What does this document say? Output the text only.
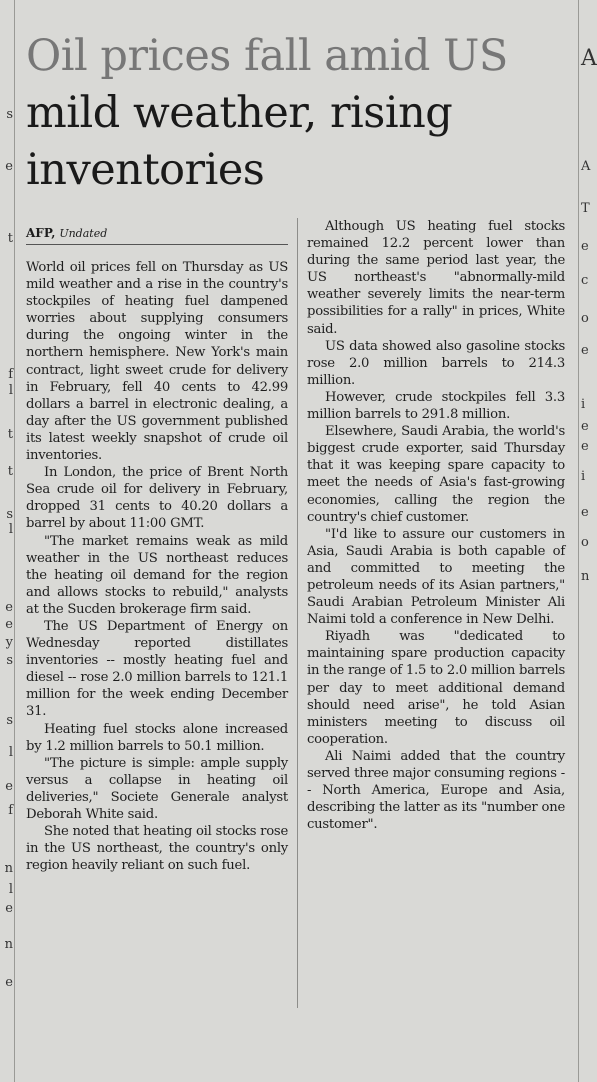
s
e
t
f
l
t
t
s
l
e
e
y
s
s
l
e
f
n
l
e
n
e
A
A
T
e
c
o
e
i
e
e
i
e
o
n
Oil prices fall amid US
mild weather, rising
inventories
AFP, Undated

World oil prices fell on Thursday as US mild weather and a rise in the country's stockpiles of heating fuel dampened worries about supplying consumers during the ongoing winter in the northern hemisphere. New York's main contract, light sweet crude for delivery in February, fell 40 cents to 42.99 dollars a barrel in electronic dealing, a day after the US government published its latest weekly snapshot of crude oil inventories.

In London, the price of Brent North Sea crude oil for delivery in February, dropped 31 cents to 40.20 dollars a barrel by about 11:00 GMT.

"The market remains weak as mild weather in the US northeast reduces the heating oil demand for the region and allows stocks to rebuild," analysts at the Sucden brokerage firm said.

The US Department of Energy on Wednesday reported distillates inventories -- mostly heating fuel and diesel -- rose 2.0 million barrels to 121.1 million for the week ending December 31.

Heating fuel stocks alone increased by 1.2 million barrels to 50.1 million.

"The picture is simple: ample supply versus a collapse in heating oil deliveries," Societe Generale analyst Deborah White said.

She noted that heating oil stocks rose in the US northeast, the country's only region heavily reliant on such fuel.

Although US heating fuel stocks remained 12.2 percent lower than during the same period last year, the US northeast's "abnormally-mild weather severely limits the near-term possibilities for a rally" in prices, White said.

US data showed also gasoline stocks rose 2.0 million barrels to 214.3 million.

However, crude stockpiles fell 3.3 million barrels to 291.8 million.

Elsewhere, Saudi Arabia, the world's biggest crude exporter, said Thursday that it was keeping spare capacity to meet the needs of Asia's fast-growing economies, calling the region the country's chief customer.

"I'd like to assure our customers in Asia, Saudi Arabia is both capable of and committed to meeting the petroleum needs of its Asian partners," Saudi Arabian Petroleum Minister Ali Naimi told a conference in New Delhi.

Riyadh was "dedicated to maintaining spare production capacity in the range of 1.5 to 2.0 million barrels per day to meet additional demand should need arise", he told Asian ministers meeting to discuss oil cooperation.

Ali Naimi added that the country served three major consuming regions -- North America, Europe and Asia, describing the latter as its "number one customer".
